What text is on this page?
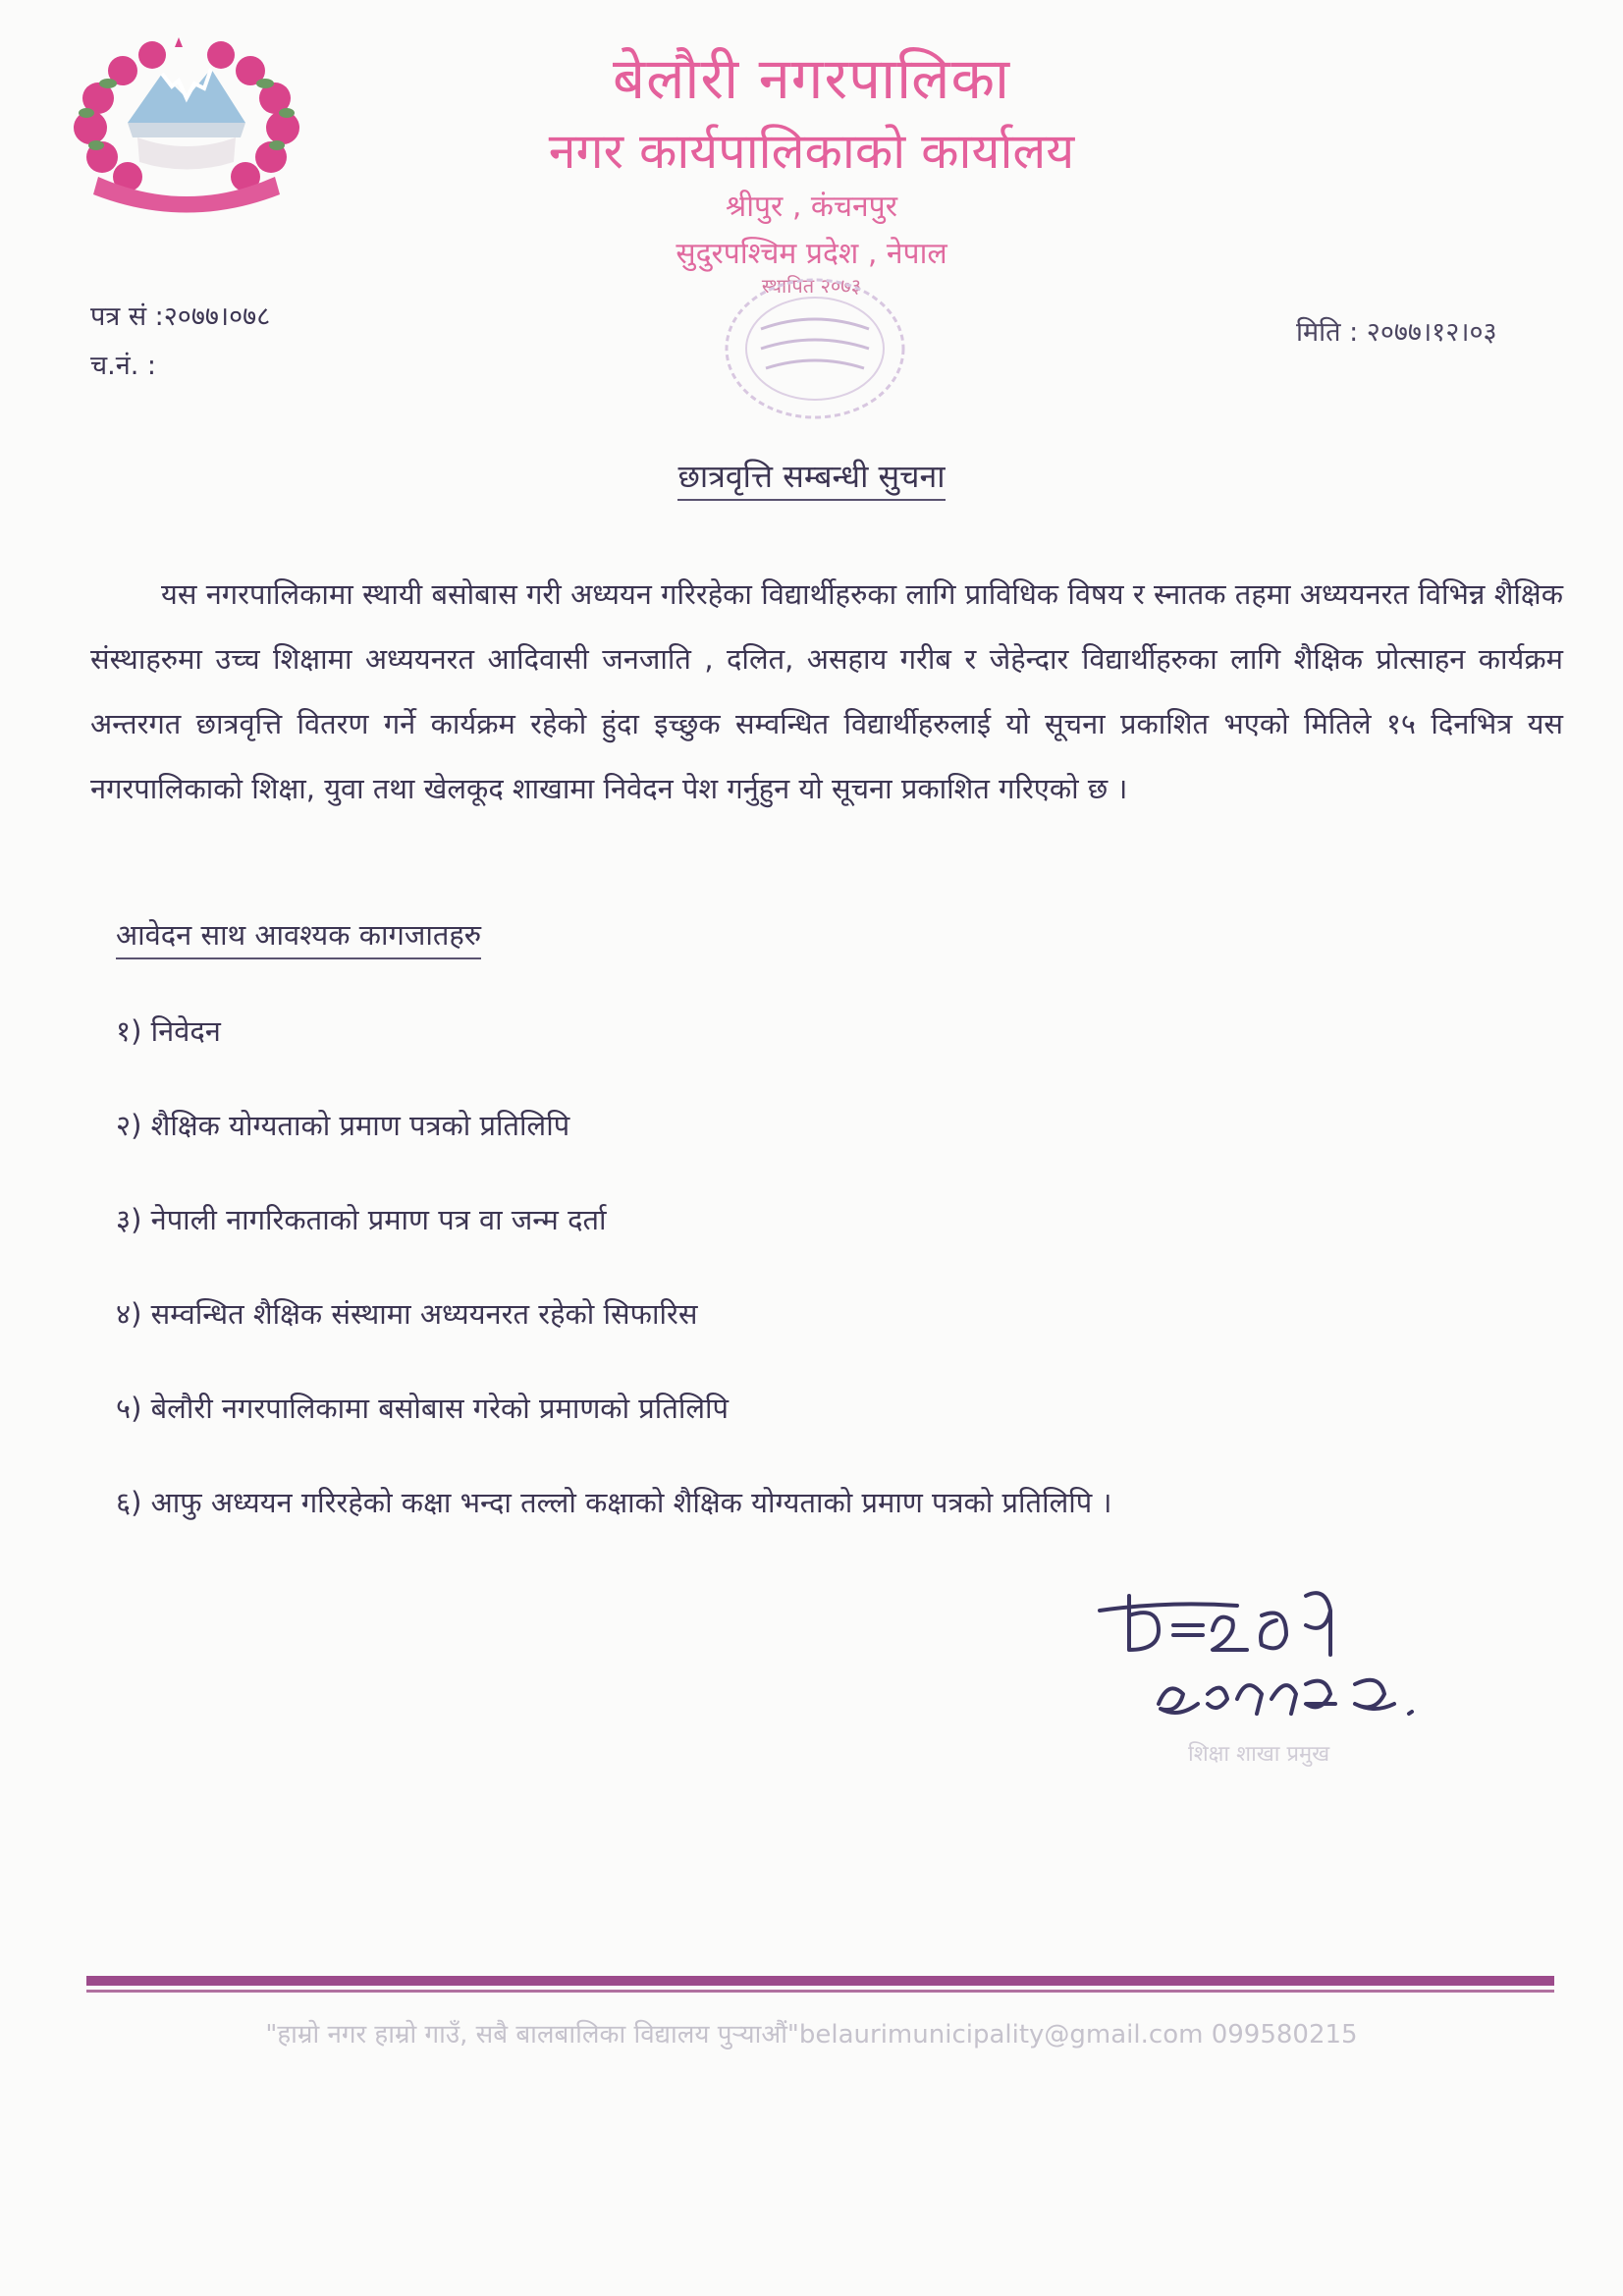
बेलौरी नगरपालिका
नगर कार्यपालिकाको कार्यालय
श्रीपुर , कंचनपुर
सुदुरपश्चिम प्रदेश , नेपाल
स्थापित २०७३
पत्र सं :२०७७।०७८
च.नं. :
मिति : २०७७।१२।०३
छात्रवृत्ति सम्बन्धी सुचना
यस नगरपालिकामा स्थायी बसोबास गरी अध्ययन गरिरहेका विद्यार्थीहरुका लागि प्राविधिक विषय र स्नातक तहमा अध्ययनरत विभिन्न शैक्षिक संस्थाहरुमा उच्च शिक्षामा अध्ययनरत आदिवासी जनजाति , दलित, असहाय गरीब र जेहेन्दार विद्यार्थीहरुका लागि शैक्षिक प्रोत्साहन कार्यक्रम अन्तरगत छात्रवृत्ति वितरण गर्ने कार्यक्रम रहेको हुंदा इच्छुक सम्वन्धित विद्यार्थीहरुलाई यो सूचना प्रकाशित भएको मितिले १५ दिनभित्र यस नगरपालिकाको शिक्षा, युवा तथा खेलकूद शाखामा निवेदन पेश गर्नुहुन यो सूचना प्रकाशित गरिएको छ ।
आवेदन साथ आवश्यक कागजातहरु
१) निवेदन
२) शैक्षिक योग्यताको प्रमाण पत्रको प्रतिलिपि
३) नेपाली नागरिकताको प्रमाण पत्र वा जन्म दर्ता
४) सम्वन्धित शैक्षिक संस्थामा अध्ययनरत रहेको सिफारिस
५) बेलौरी नगरपालिकामा बसोबास गरेको प्रमाणको प्रतिलिपि
६) आफु अध्ययन गरिरहेको कक्षा भन्दा तल्लो कक्षाको शैक्षिक योग्यताको प्रमाण पत्रको प्रतिलिपि ।
शिक्षा शाखा प्रमुख
"हाम्रो नगर हाम्रो गाउँ, सबै बालबालिका विद्यालय पुर्‍याऔं"belaurimunicipality@gmail.com 099580215
